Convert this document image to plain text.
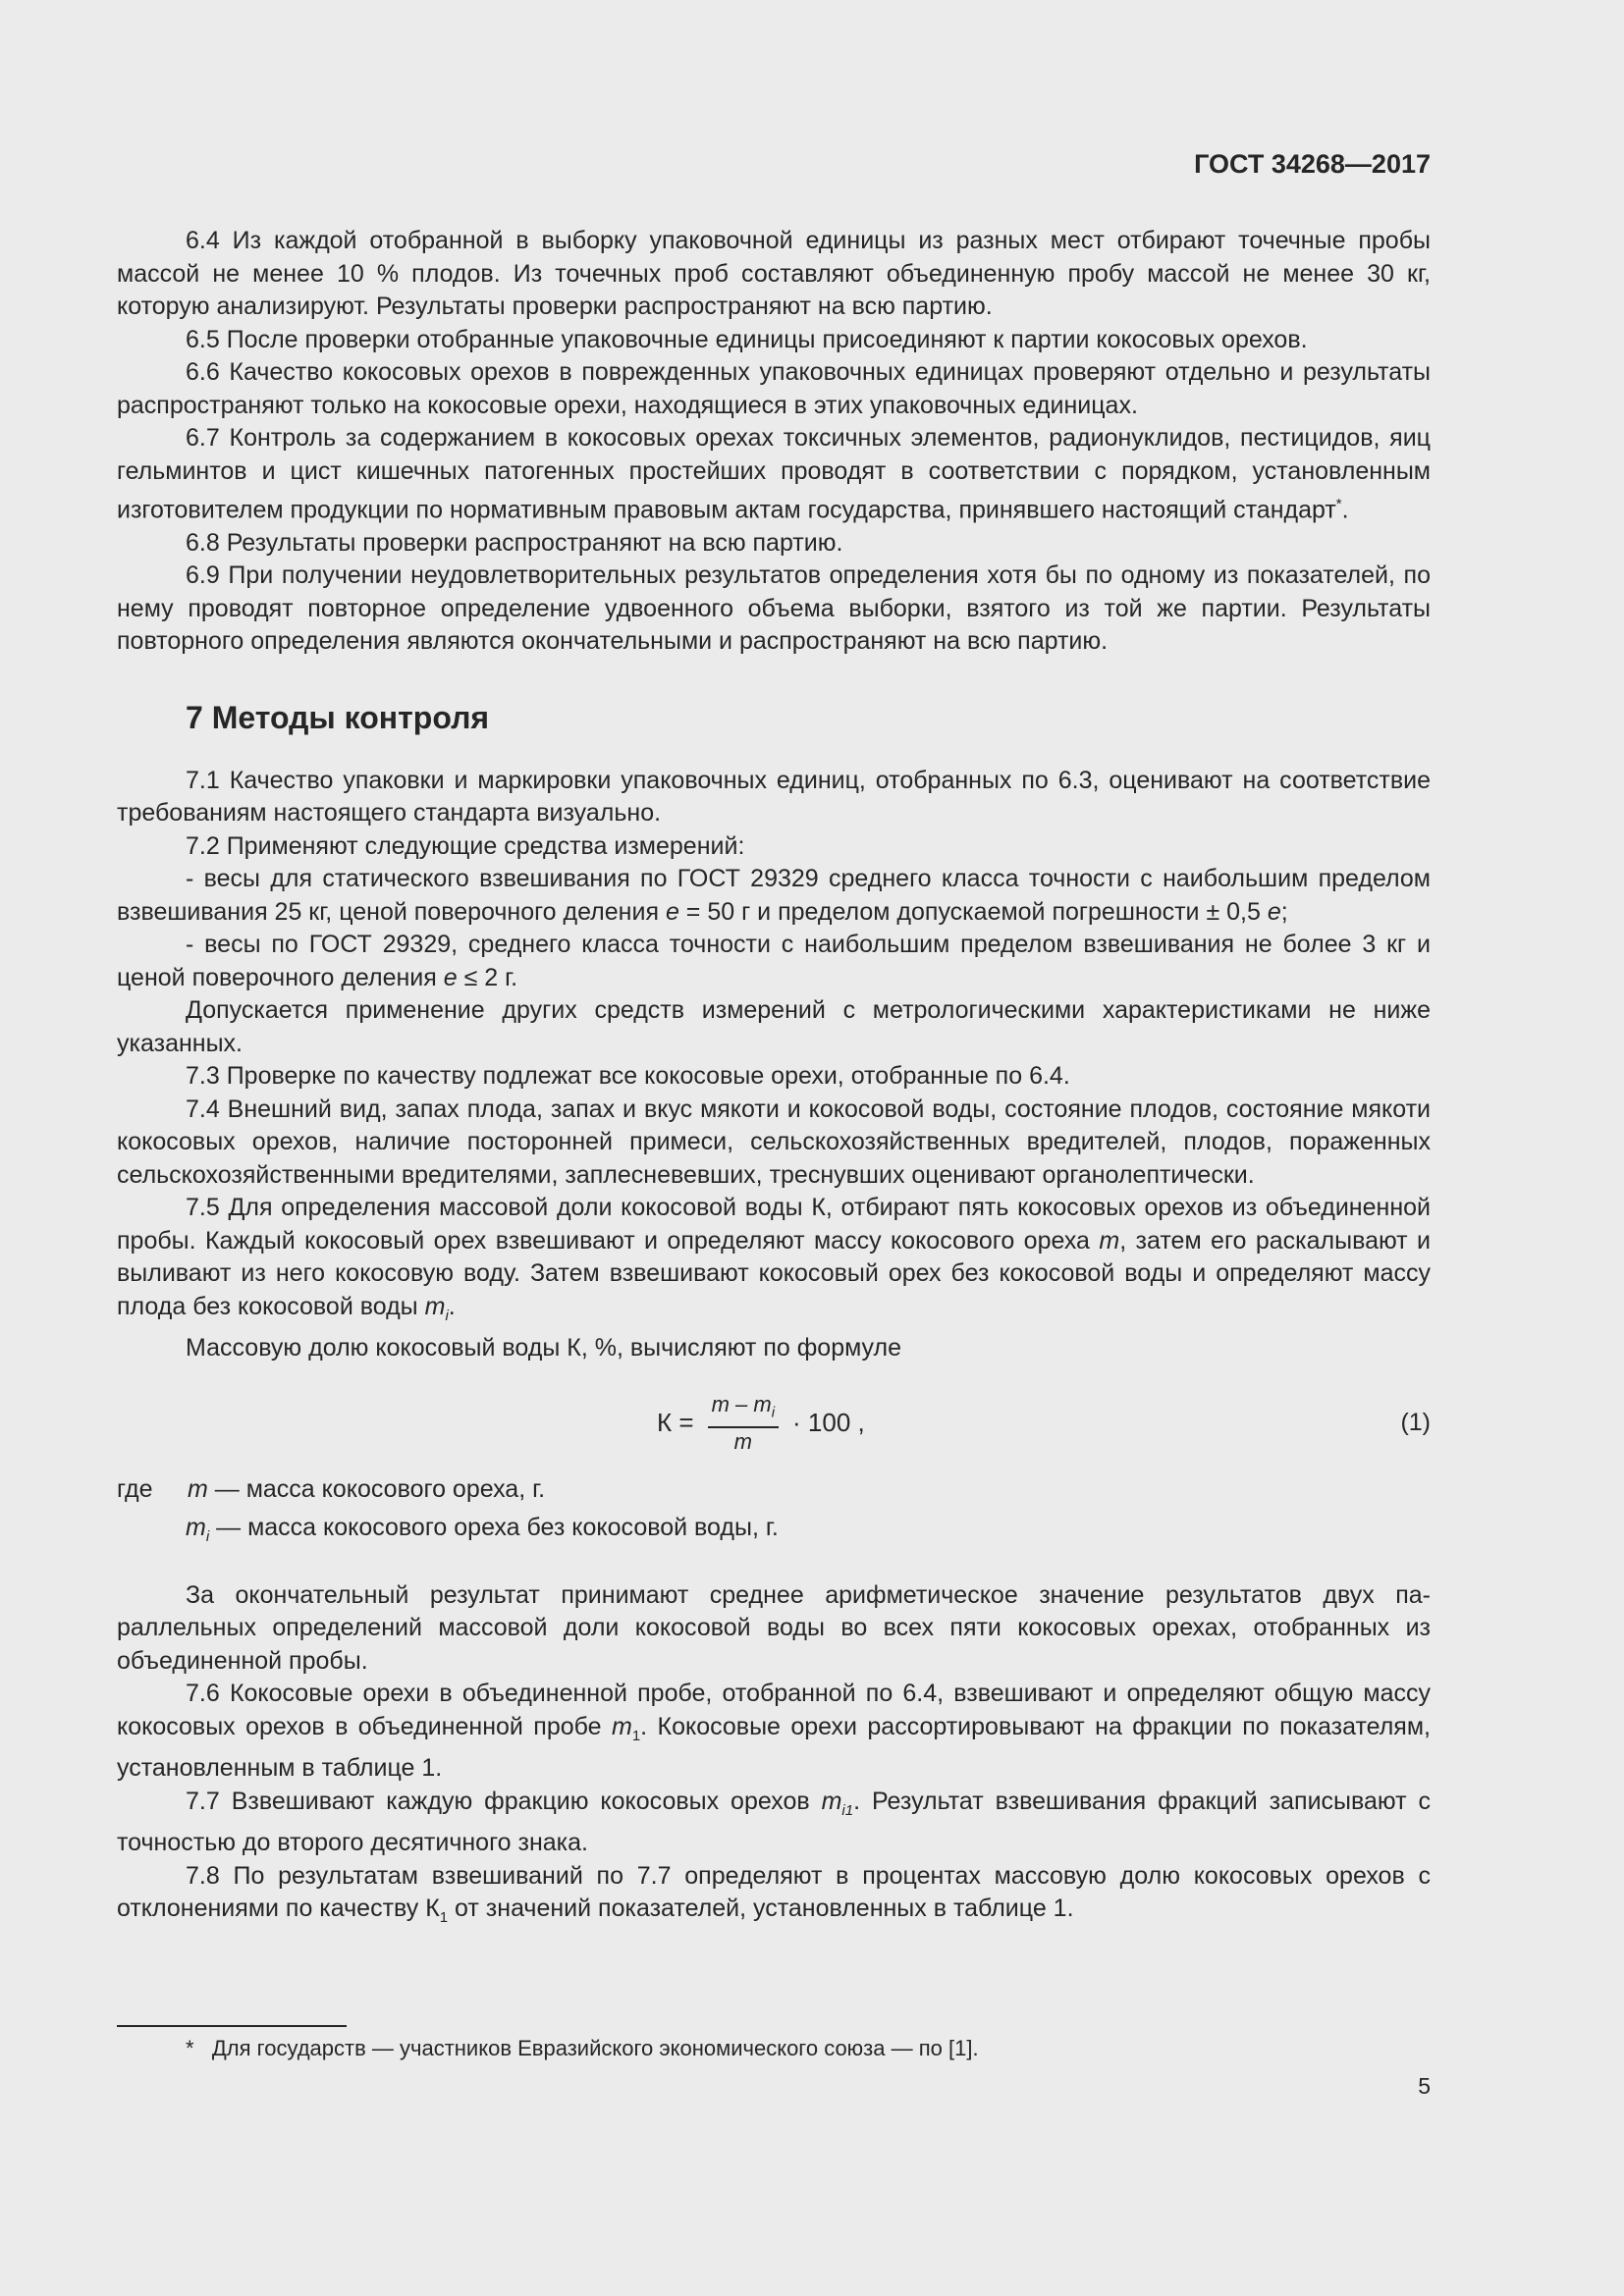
ГОСТ 34268—2017

6.4 Из каждой отобранной в выборку упаковочной единицы из разных мест отбирают точечные пробы массой не менее 10 % плодов. Из точечных проб составляют объединенную пробу массой не менее 30 кг, которую анализируют. Результаты проверки распространяют на всю партию.

6.5 После проверки отобранные упаковочные единицы присоединяют к партии кокосовых орехов.

6.6 Качество кокосовых орехов в поврежденных упаковочных единицах проверяют отдельно и результаты распространяют только на кокосовые орехи, находящиеся в этих упаковочных единицах.

6.7 Контроль за содержанием в кокосовых орехах токсичных элементов, радионуклидов, пестицидов, яиц гельминтов и цист кишечных патогенных простейших проводят в соответствии с порядком, установленным изготовителем продукции по нормативным правовым актам государства, принявшего настоящий стандарт*.

6.8 Результаты проверки распространяют на всю партию.

6.9 При получении неудовлетворительных результатов определения хотя бы по одному из показателей, по нему проводят повторное определение удвоенного объема выборки, взятого из той же партии. Результаты повторного определения являются окончательными и распространяют на всю партию.

7 Методы контроля

7.1 Качество упаковки и маркировки упаковочных единиц, отобранных по 6.3, оценивают на соответствие требованиям настоящего стандарта визуально.

7.2 Применяют следующие средства измерений:

- весы для статического взвешивания по ГОСТ 29329 среднего класса точности с наибольшим пределом взвешивания 25 кг, ценой поверочного деления е = 50 г и пределом допускаемой погрешности ± 0,5 е;

- весы по ГОСТ 29329, среднего класса точности с наибольшим пределом взвешивания не более 3 кг и ценой поверочного деления е ≤ 2 г.

Допускается применение других средств измерений с метрологическими характеристиками не ниже указанных.

7.3 Проверке по качеству подлежат все кокосовые орехи, отобранные по 6.4.

7.4 Внешний вид, запах плода, запах и вкус мякоти и кокосовой воды, состояние плодов, состояние мякоти кокосовых орехов, наличие посторонней примеси, сельскохозяйственных вредителей, плодов, пораженных сельскохозяйственными вредителями, заплесневевших, треснувших оценивают органолептически.

7.5 Для определения массовой доли кокосовой воды К, отбирают пять кокосовых орехов из объединенной пробы. Каждый кокосовый орех взвешивают и определяют массу кокосового ореха m, затем его раскалывают и выливают из него кокосовую воду. Затем взвешивают кокосовый орех без кокосовой воды и определяют массу плода без кокосовой воды $m_i$.

Массовую долю кокосовый воды К, %, вычисляют по формуле

$К = \frac{m - m_i}{m} \cdot 100$ ,	(1)
где	m — масса кокосового ореха, г.
$m_i$ — масса кокосового ореха без кокосовой воды, г.

За окончательный результат принимают среднее арифметическое значение результатов двух параллельных определений массовой доли кокосовой воды во всех пяти кокосовых орехах, отобранных из объединенной пробы.

7.6 Кокосовые орехи в объединенной пробе, отобранной по 6.4, взвешивают и определяют общую массу кокосовых орехов в объединенной пробе $m_1$. Кокосовые орехи рассортировывают на фракции по показателям, установленным в таблице 1.

7.7 Взвешивают каждую фракцию кокосовых орехов $m_{i1}$. Результат взвешивания фракций записывают с точностью до второго десятичного знака.

7.8 По результатам взвешиваний по 7.7 определяют в процентах массовую долю кокосовых орехов с отклонениями по качеству $К_1$ от значений показателей, установленных в таблице 1.

* Для государств — участников Евразийского экономического союза — по [1].
5
